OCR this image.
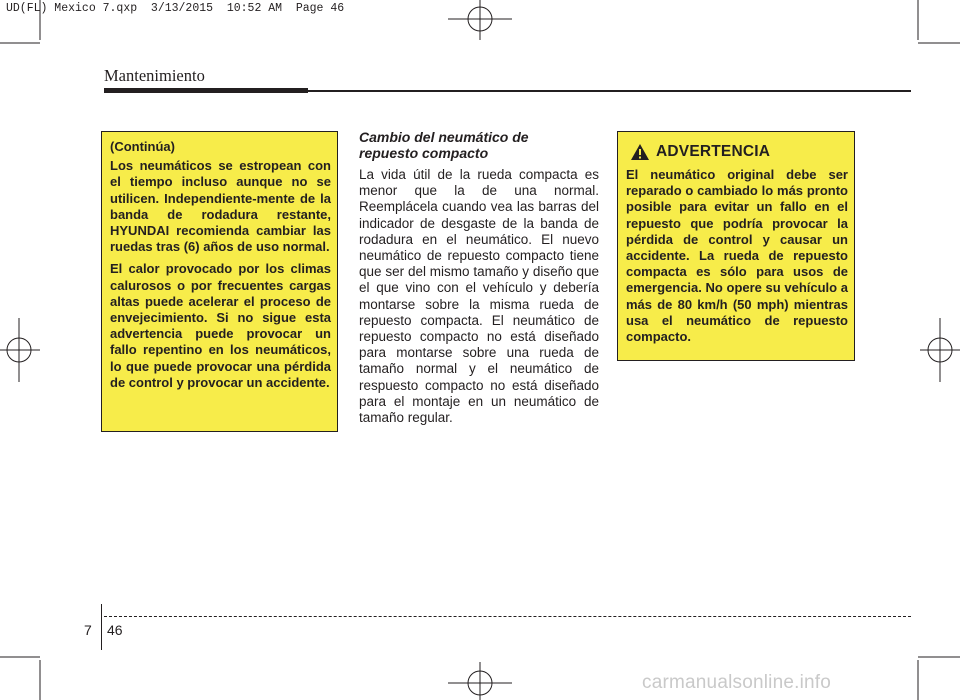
UD(FL) Mexico 7.qxp  3/13/2015  10:52 AM  Page 46
Mantenimiento

(Continúa)

Los neumáticos se estropean con el tiempo incluso aunque no se utilicen. Independiente-mente de la banda de rodadura restante, HYUNDAI recomienda cambiar las ruedas tras (6) años de uso normal.

El calor provocado por los climas calurosos o por frecuentes cargas altas puede acelerar el proceso de envejecimiento. Si no sigue esta advertencia puede provocar un fallo repentino en los neumáticos, lo que puede provocar una pérdida de control y provocar un accidente.

Cambio del neumático de
repuesto compacto

La vida útil de la rueda compacta es menor que la de una normal. Reemplácela cuando vea las barras del indicador de desgaste de la banda de rodadura en el neumático. El nuevo neumático de repuesto compacto tiene que ser del mismo tamaño y diseño que el que vino con el vehículo y debería montarse sobre la misma rueda de repuesto compacta. El neumático de repuesto compacto no está diseñado para montarse sobre una rueda de tamaño normal y el neumático de respuesto compacto no está diseñado para el montaje en un neumático de tamaño regular.

ADVERTENCIA

El neumático original debe ser reparado o cambiado lo más pronto posible para evitar un fallo en el repuesto que podría provocar la pérdida de control y causar un accidente. La rueda de repuesto compacta es sólo para usos de emergencia. No opere su vehículo a más de 80 km/h (50 mph) mientras usa el neumático de repuesto compacto.

7 46
carmanualsonline.info
